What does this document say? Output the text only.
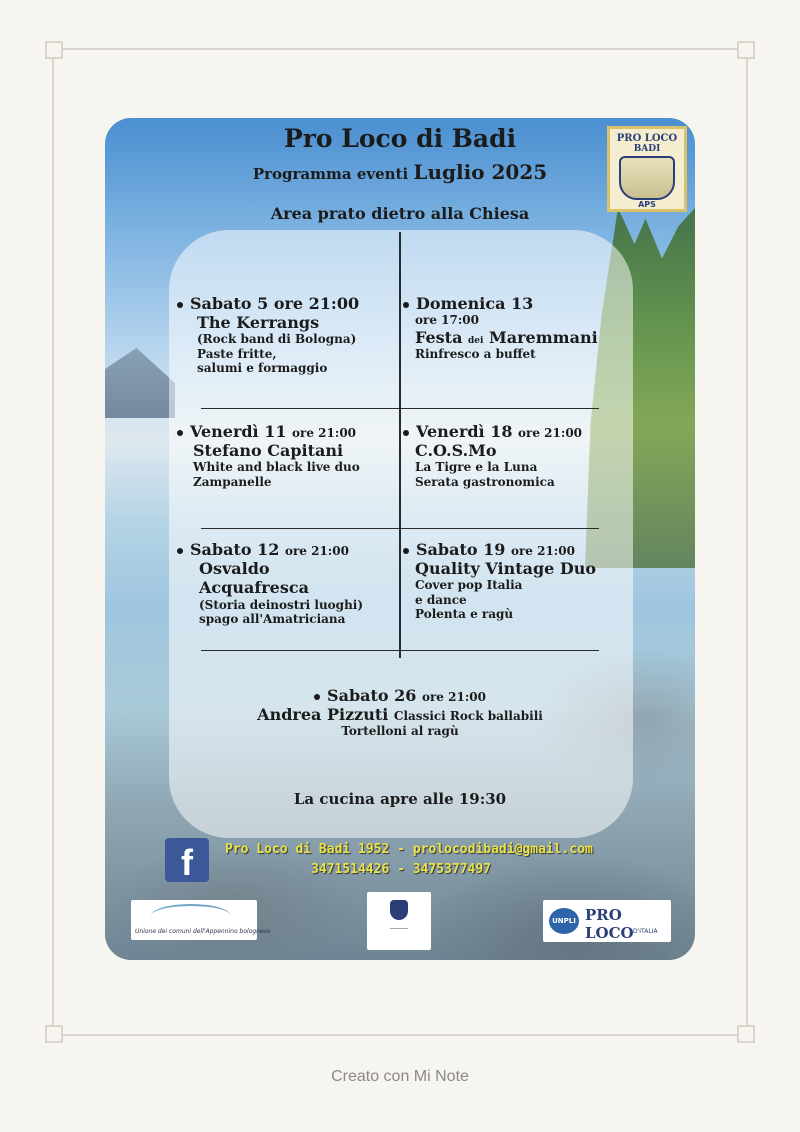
Pro Loco di Badi
Programma eventi Luglio 2025
Area prato dietro alla Chiesa
PRO LOCO
BADI
APS
Sabato 5 ore 21:00
The Kerrangs
(Rock band di Bologna)
Paste fritte,
salumi e formaggio
Domenica 13
ore 17:00
Festa dei Maremmani
Rinfresco a buffet
Venerdì 11 ore 21:00
Stefano Capitani
White and black live duo
Zampanelle
Venerdì 18 ore 21:00
C.O.S.Mo
La Tigre e la Luna
Serata gastronomica
Sabato 12 ore 21:00
Osvaldo
Acquafresca
(Storia deinostri luoghi)
spago all'Amatriciana
Sabato 19 ore 21:00
Quality Vintage Duo
Cover pop Italia
e dance
Polenta e ragù
Sabato 26 ore 21:00
Andrea Pizzuti Classici Rock ballabili
Tortelloni al ragù
La cucina apre alle 19:30
f	Pro Loco di Badi 1952 - prolocodibadi@gmail.com
3471514426 - 3475377497
Unione dei comuni dell'Appennino bolognese	──────
UNPLI PRO LOCO D'ITALIA
Creato con Mi Note
